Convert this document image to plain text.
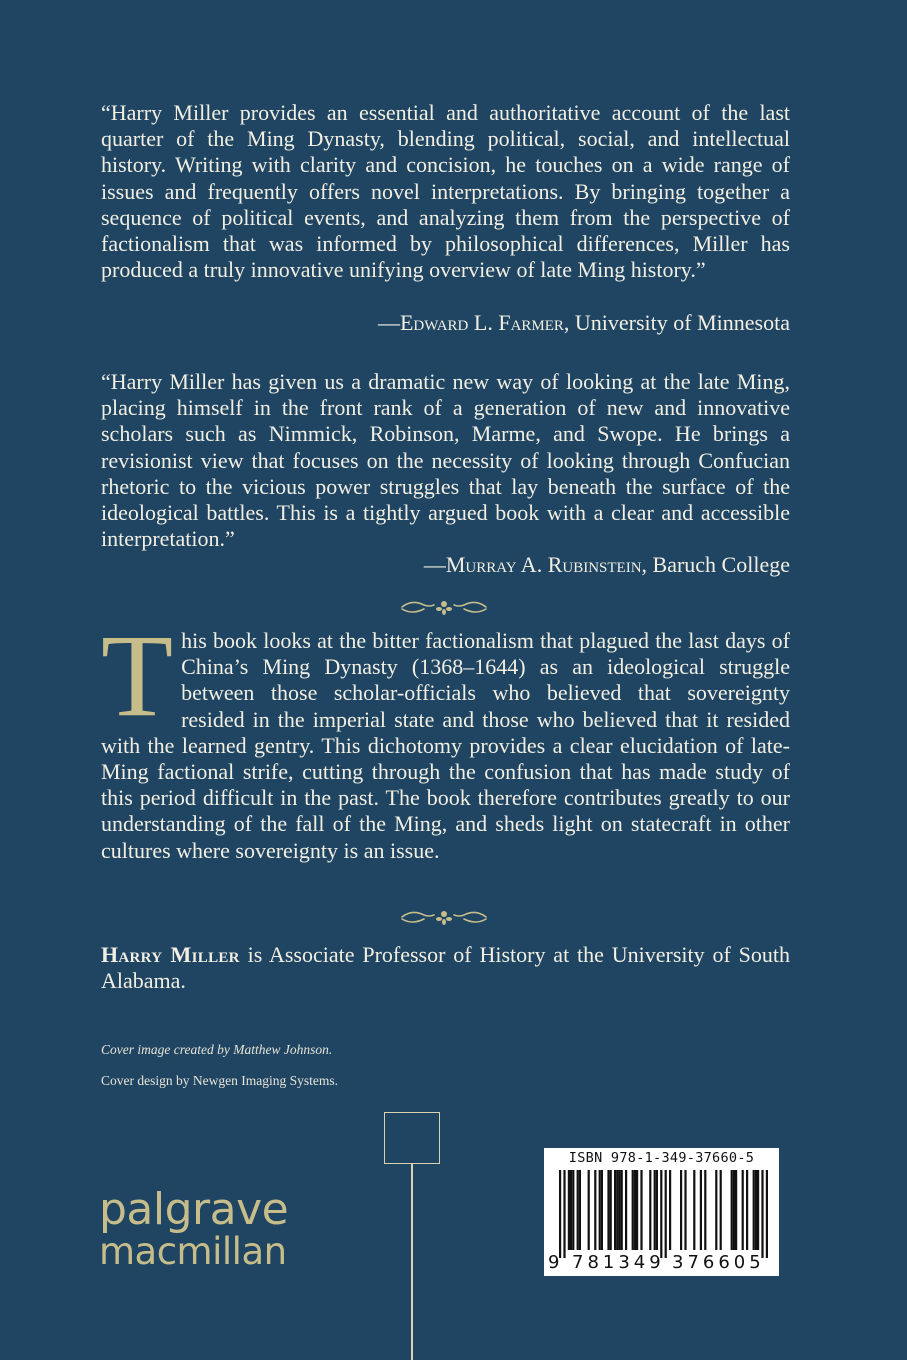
“Harry Miller provides an essential and authoritative account of the last quarter of the Ming Dynasty, blending political, social, and intellectual history. Writing with clarity and concision, he touches on a wide range of issues and frequently offers novel interpretations. By bringing together a sequence of political events, and analyzing them from the perspective of factionalism that was informed by philosophical differences, Miller has produced a truly innovative unifying overview of late Ming history.”

—Edward L. Farmer, University of Minnesota

“Harry Miller has given us a dramatic new way of looking at the late Ming, placing himself in the front rank of a generation of new and innovative scholars such as Nimmick, Robinson, Marme, and Swope. He brings a revisionist view that focuses on the necessity of looking through Confucian rhetoric to the vicious power struggles that lay beneath the surface of the ideological battles. This is a tightly argued book with a clear and accessible interpretation.”

—Murray A. Rubinstein, Baruch College

This book looks at the bitter factionalism that plagued the last days of China’s Ming Dynasty (1368–1644) as an ideological struggle between those scholar-officials who believed that sovereignty resided in the imperial state and those who believed that it resided with the learned gentry. This dichotomy provides a clear elucidation of late-Ming factional strife, cutting through the confusion that has made study of this period difficult in the past. The book therefore contributes greatly to our understanding of the fall of the Ming, and sheds light on statecraft in other cultures where sovereignty is an issue.

Harry Miller is Associate Professor of History at the University of South Alabama.

Cover image created by Matthew Johnson.

Cover design by Newgen Imaging Systems.

palgrave
macmillan
ISBN 978-1-349-37660-5
9 781349 376605
